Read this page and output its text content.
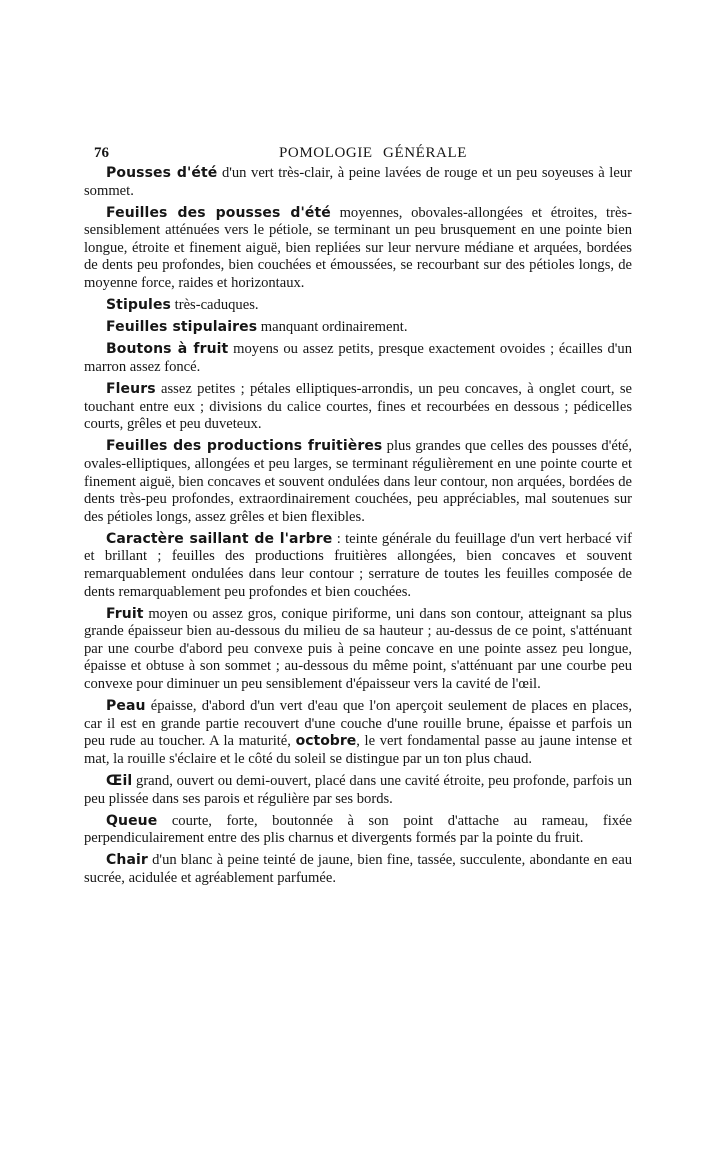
76	POMOLOGIE GÉNÉRALE

Pousses d'été d'un vert très-clair, à peine lavées de rouge et un peu soyeuses à leur sommet.

Feuilles des pousses d'été moyennes, obovales-allongées et étroites, très-sensiblement atténuées vers le pétiole, se terminant un peu brusquement en une pointe bien longue, étroite et finement aiguë, bien repliées sur leur nervure médiane et arquées, bordées de dents peu profondes, bien couchées et émoussées, se recourbant sur des pétioles longs, de moyenne force, raides et horizontaux.

Stipules très-caduques.

Feuilles stipulaires manquant ordinairement.

Boutons à fruit moyens ou assez petits, presque exactement ovoides ; écailles d'un marron assez foncé.

Fleurs assez petites ; pétales elliptiques-arrondis, un peu concaves, à onglet court, se touchant entre eux ; divisions du calice courtes, fines et recourbées en dessous ; pédicelles courts, grêles et peu duveteux.

Feuilles des productions fruitières plus grandes que celles des pousses d'été, ovales-elliptiques, allongées et peu larges, se terminant régulièrement en une pointe courte et finement aiguë, bien concaves et souvent ondulées dans leur contour, non arquées, bordées de dents très-peu profondes, extraordinairement couchées, peu appréciables, mal soutenues sur des pétioles longs, assez grêles et bien flexibles.

Caractère saillant de l'arbre : teinte générale du feuillage d'un vert herbacé vif et brillant ; feuilles des productions fruitières allongées, bien concaves et souvent remarquablement ondulées dans leur contour ; serrature de toutes les feuilles composée de dents remarquablement peu profondes et bien couchées.

Fruit moyen ou assez gros, conique piriforme, uni dans son contour, atteignant sa plus grande épaisseur bien au-dessous du milieu de sa hauteur ; au-dessus de ce point, s'atténuant par une courbe d'abord peu convexe puis à peine concave en une pointe assez peu longue, épaisse et obtuse à son sommet ; au-dessous du même point, s'atténuant par une courbe peu convexe pour diminuer un peu sensiblement d'épaisseur vers la cavité de l'œil.

Peau épaisse, d'abord d'un vert d'eau que l'on aperçoit seulement de places en places, car il est en grande partie recouvert d'une couche d'une rouille brune, épaisse et parfois un peu rude au toucher. A la maturité, octobre, le vert fondamental passe au jaune intense et mat, la rouille s'éclaire et le côté du soleil se distingue par un ton plus chaud.

Œil grand, ouvert ou demi-ouvert, placé dans une cavité étroite, peu profonde, parfois un peu plissée dans ses parois et régulière par ses bords.

Queue courte, forte, boutonnée à son point d'attache au rameau, fixée perpendiculairement entre des plis charnus et divergents formés par la pointe du fruit.

Chair d'un blanc à peine teinté de jaune, bien fine, tassée, succulente, abondante en eau sucrée, acidulée et agréablement parfumée.
